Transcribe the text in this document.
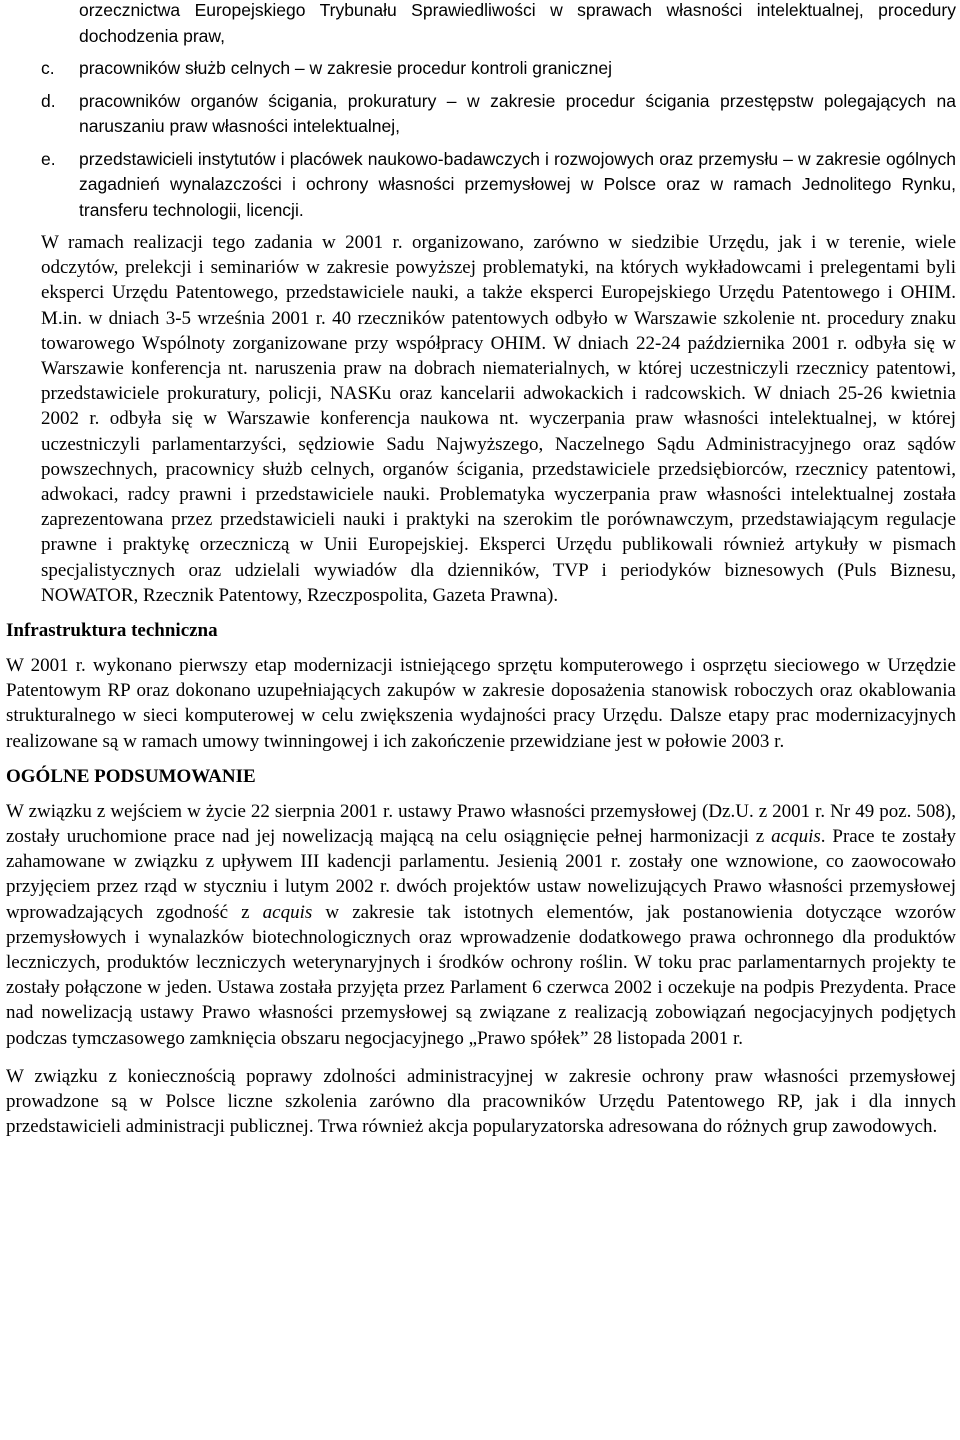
orzecznictwa Europejskiego Trybunału Sprawiedliwości w sprawach własności intelektualnej, procedury dochodzenia praw,
c. pracowników służb celnych – w zakresie procedur kontroli granicznej
d. pracowników organów ścigania, prokuratury – w zakresie procedur ścigania przestępstw polegających na naruszaniu praw własności intelektualnej,
e. przedstawicieli instytutów i placówek naukowo-badawczych i rozwojowych oraz przemysłu – w zakresie ogólnych zagadnień wynalazczości i ochrony własności przemysłowej w Polsce oraz w ramach Jednolitego Rynku, transferu technologii, licencji.

W ramach realizacji tego zadania w 2001 r. organizowano, zarówno w siedzibie Urzędu, jak i w terenie, wiele odczytów, prelekcji i seminariów w zakresie powyższej problematyki, na których wykładowcami i prelegentami byli eksperci Urzędu Patentowego, przedstawiciele nauki, a także eksperci Europejskiego Urzędu Patentowego i OHIM. M.in. w dniach 3-5 września 2001 r. 40 rzeczników patentowych odbyło w Warszawie szkolenie nt. procedury znaku towarowego Wspólnoty zorganizowane przy współpracy OHIM. W dniach 22-24 października 2001 r. odbyła się w Warszawie konferencja nt. naruszenia praw na dobrach niematerialnych, w której uczestniczyli rzecznicy patentowi, przedstawiciele prokuratury, policji, NASKu oraz kancelarii adwokackich i radcowskich. W dniach 25-26 kwietnia 2002 r. odbyła się w Warszawie konferencja naukowa nt. wyczerpania praw własności intelektualnej, w której uczestniczyli parlamentarzyści, sędziowie Sadu Najwyższego, Naczelnego Sądu Administracyjnego oraz sądów powszechnych, pracownicy służb celnych, organów ścigania, przedstawiciele przedsiębiorców, rzecznicy patentowi, adwokaci, radcy prawni i przedstawiciele nauki. Problematyka wyczerpania praw własności intelektualnej została zaprezentowana przez przedstawicieli nauki i praktyki na szerokim tle porównawczym, przedstawiającym regulacje prawne i praktykę orzeczniczą w Unii Europejskiej. Eksperci Urzędu publikowali również artykuły w pismach specjalistycznych oraz udzielali wywiadów dla dzienników, TVP i periodyków biznesowych (Puls Biznesu, NOWATOR, Rzecznik Patentowy, Rzeczpospolita, Gazeta Prawna).

Infrastruktura techniczna

W 2001 r. wykonano pierwszy etap modernizacji istniejącego sprzętu komputerowego i osprzętu sieciowego w Urzędzie Patentowym RP oraz dokonano uzupełniających zakupów w zakresie doposażenia stanowisk roboczych oraz okablowania strukturalnego w sieci komputerowej w celu zwiększenia wydajności pracy Urzędu. Dalsze etapy prac modernizacyjnych realizowane są w ramach umowy twinningowej i ich zakończenie przewidziane jest w połowie 2003 r.

OGÓLNE PODSUMOWANIE

W związku z wejściem w życie 22 sierpnia 2001 r. ustawy Prawo własności przemysłowej (Dz.U. z 2001 r. Nr 49 poz. 508), zostały uruchomione prace nad jej nowelizacją mającą na celu osiągnięcie pełnej harmonizacji z acquis. Prace te zostały zahamowane w związku z upływem III kadencji parlamentu. Jesienią 2001 r. zostały one wznowione, co zaowocowało przyjęciem przez rząd w styczniu i lutym 2002 r. dwóch projektów ustaw nowelizujących Prawo własności przemysłowej wprowadzających zgodność z acquis w zakresie tak istotnych elementów, jak postanowienia dotyczące wzorów przemysłowych i wynalazków biotechnologicznych oraz wprowadzenie dodatkowego prawa ochronnego dla produktów leczniczych, produktów leczniczych weterynaryjnych i środków ochrony roślin. W toku prac parlamentarnych projekty te zostały połączone w jeden. Ustawa została przyjęta przez Parlament 6 czerwca 2002 i oczekuje na podpis Prezydenta. Prace nad nowelizacją ustawy Prawo własności przemysłowej są związane z realizacją zobowiązań negocjacyjnych podjętych podczas tymczasowego zamknięcia obszaru negocjacyjnego „Prawo spółek” 28 listopada 2001 r.

W związku z koniecznością poprawy zdolności administracyjnej w zakresie ochrony praw własności przemysłowej prowadzone są w Polsce liczne szkolenia zarówno dla pracowników Urzędu Patentowego RP, jak i dla innych przedstawicieli administracji publicznej. Trwa również akcja popularyzatorska adresowana do różnych grup zawodowych.
